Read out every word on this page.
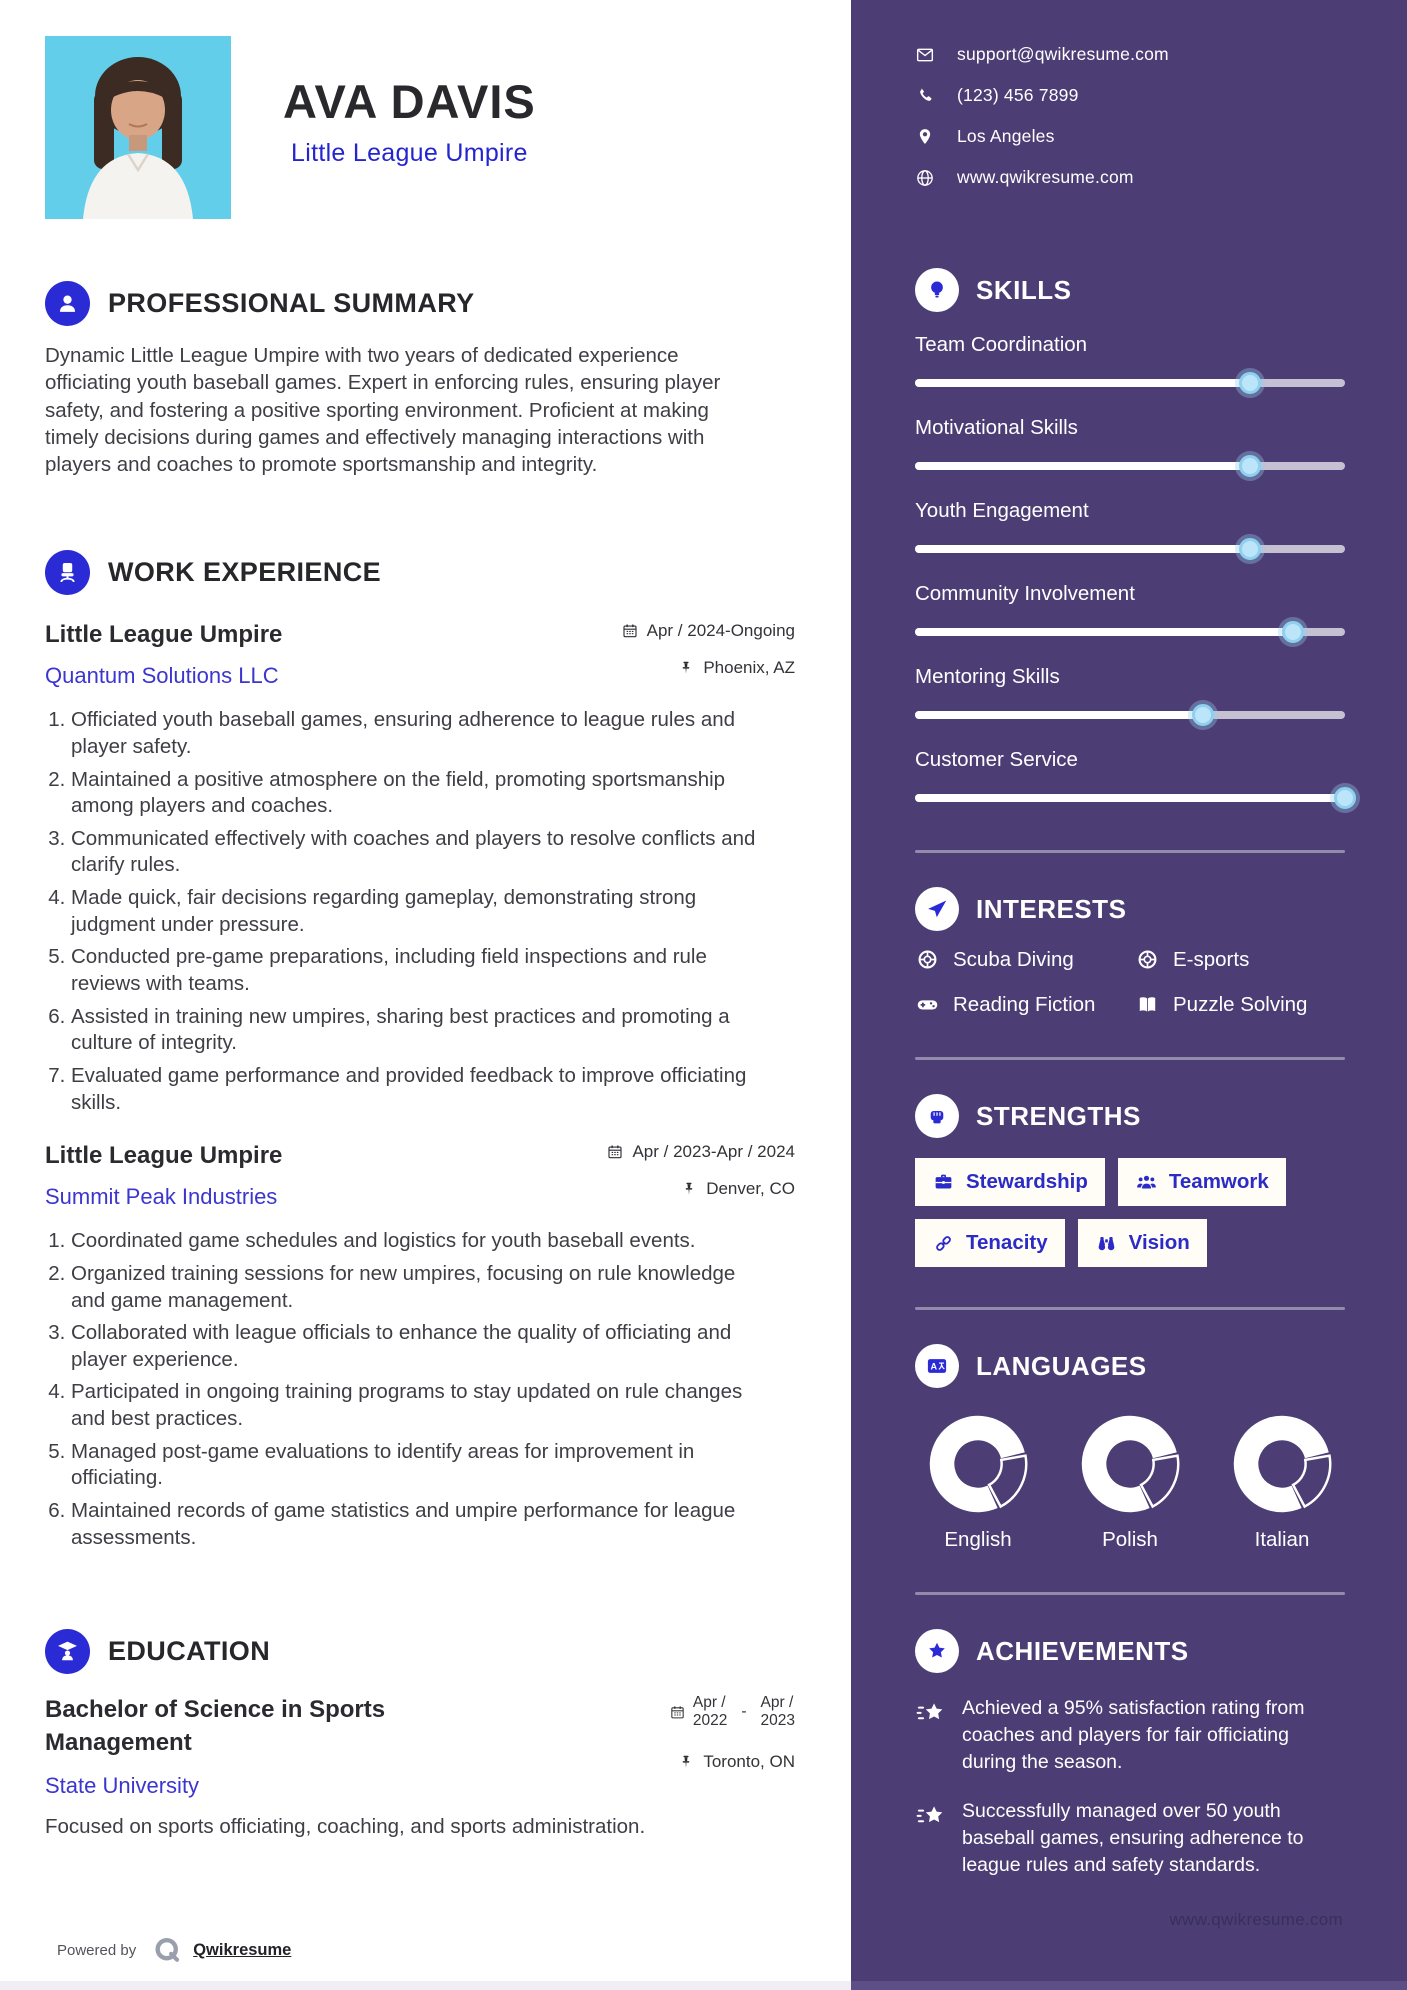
AVA DAVIS
Little League Umpire
PROFESSIONAL SUMMARY

Dynamic Little League Umpire with two years of dedicated experience officiating youth baseball games. Expert in enforcing rules, ensuring player safety, and fostering a positive sporting environment. Proficient at making timely decisions during games and effectively managing interactions with players and coaches to promote sportsmanship and integrity.

WORK EXPERIENCE
Little League Umpire
Quantum Solutions LLC
Apr / 2024-Ongoing
Phoenix, AZ
1. Officiated youth baseball games, ensuring adherence to league rules and player safety.
2. Maintained a positive atmosphere on the field, promoting sportsmanship among players and coaches.
3. Communicated effectively with coaches and players to resolve conflicts and clarify rules.
4. Made quick, fair decisions regarding gameplay, demonstrating strong judgment under pressure.
5. Conducted pre-game preparations, including field inspections and rule reviews with teams.
6. Assisted in training new umpires, sharing best practices and promoting a culture of integrity.
7. Evaluated game performance and provided feedback to improve officiating skills.
Little League Umpire
Summit Peak Industries
Apr / 2023-Apr / 2024
Denver, CO
1. Coordinated game schedules and logistics for youth baseball events.
2. Organized training sessions for new umpires, focusing on rule knowledge and game management.
3. Collaborated with league officials to enhance the quality of officiating and player experience.
4. Participated in ongoing training programs to stay updated on rule changes and best practices.
5. Managed post-game evaluations to identify areas for improvement in officiating.
6. Maintained records of game statistics and umpire performance for league assessments.
EDUCATION
Bachelor of Science in Sports Management
State University
Apr /
2022
-
Apr /
2023
Toronto, ON

Focused on sports officiating, coaching, and sports administration.

Powered by	Qwikresume
support@qwikresume.com
(123) 456 7899
Los Angeles
www.qwikresume.com
SKILLS
Team Coordination
Motivational Skills
Youth Engagement
Community Involvement
Mentoring Skills
Customer Service
INTERESTS
Scuba Diving	E-sports
Reading Fiction	Puzzle Solving
STRENGTHS
Stewardship	Teamwork
Tenacity	Vision
LANGUAGES
English	Polish	Italian
ACHIEVEMENTS
Achieved a 95% satisfaction rating from coaches and players for fair officiating during the season.
Successfully managed over 50 youth baseball games, ensuring adherence to league rules and safety standards.
www.qwikresume.com
